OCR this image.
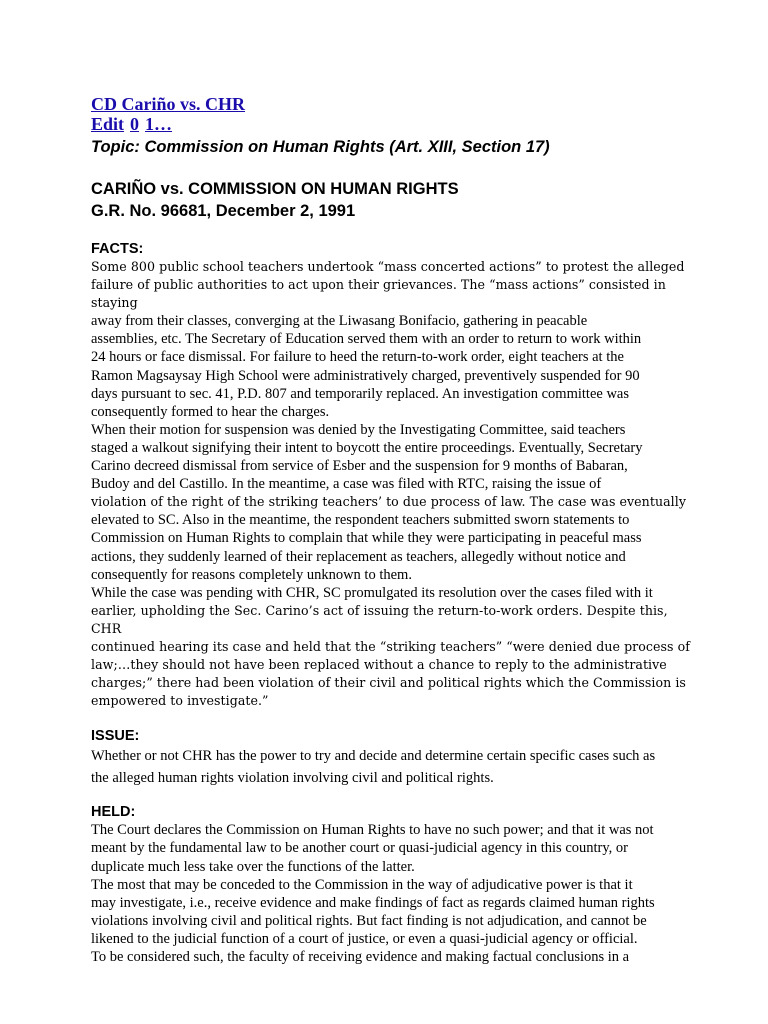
CD Cariño vs. CHR
Edit 0 1…
Topic: Commission on Human Rights (Art. XIII, Section 17)
CARIÑO vs. COMMISSION ON HUMAN RIGHTS
G.R. No. 96681, December 2, 1991
FACTS:

Some 800 public school teachers undertook “mass concerted actions” to protest the alleged

failure of public authorities to act upon their grievances. The “mass actions” consisted in staying

away from their classes, converging at the Liwasang Bonifacio, gathering in peacable

assemblies, etc. The Secretary of Education served them with an order to return to work within

24 hours or face dismissal. For failure to heed the return-to-work order, eight teachers at the

Ramon Magsaysay High School were administratively charged, preventively suspended for 90

days pursuant to sec. 41, P.D. 807 and temporarily replaced. An investigation committee was

consequently formed to hear the charges.

When their motion for suspension was denied by the Investigating Committee, said teachers

staged a walkout signifying their intent to boycott the entire proceedings. Eventually, Secretary

Carino decreed dismissal from service of Esber and the suspension for 9 months of Babaran,

Budoy and del Castillo. In the meantime, a case was filed with RTC, raising the issue of

violation of the right of the striking teachers’ to due process of law. The case was eventually

elevated to SC. Also in the meantime, the respondent teachers submitted sworn statements to

Commission on Human Rights to complain that while they were participating in peaceful mass

actions, they suddenly learned of their replacement as teachers, allegedly without notice and

consequently for reasons completely unknown to them.

While the case was pending with CHR, SC promulgated its resolution over the cases filed with it

earlier, upholding the Sec. Carino’s act of issuing the return-to-work orders. Despite this, CHR

continued hearing its case and held that the “striking teachers” “were denied due process of

law;…they should not have been replaced without a chance to reply to the administrative

charges;” there had been violation of their civil and political rights which the Commission is

empowered to investigate.”

ISSUE:

Whether or not CHR has the power to try and decide and determine certain specific cases such as

the alleged human rights violation involving civil and political rights.

HELD:

The Court declares the Commission on Human Rights to have no such power; and that it was not

meant by the fundamental law to be another court or quasi-judicial agency in this country, or

duplicate much less take over the functions of the latter.

The most that may be conceded to the Commission in the way of adjudicative power is that it

may investigate, i.e., receive evidence and make findings of fact as regards claimed human rights

violations involving civil and political rights. But fact finding is not adjudication, and cannot be

likened to the judicial function of a court of justice, or even a quasi-judicial agency or official.

To be considered such, the faculty of receiving evidence and making factual conclusions in a
